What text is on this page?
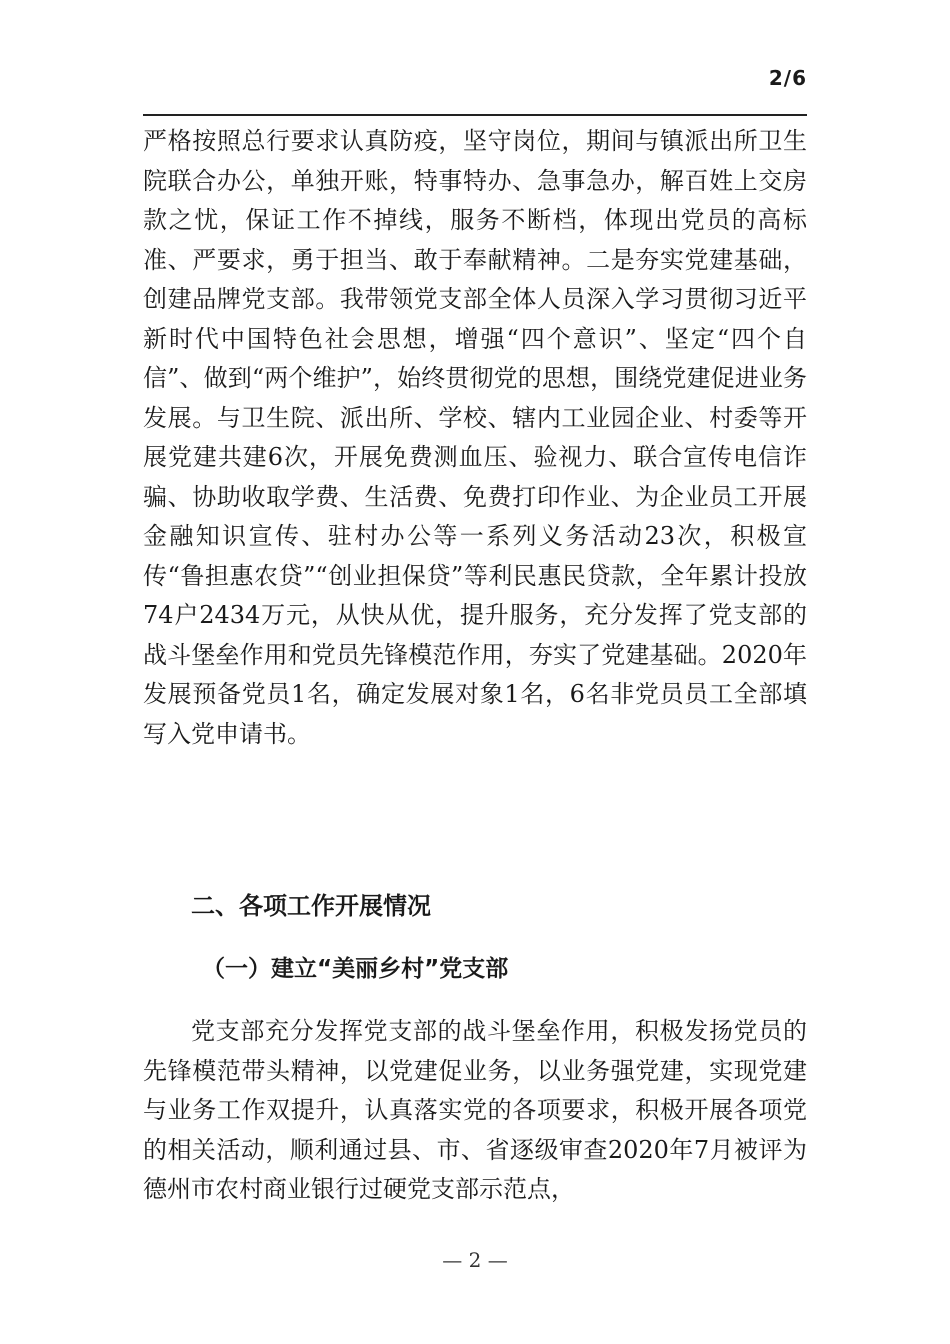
2/6

严格按照总行要求认真防疫，坚守岗位，期间与镇派出所卫生院联合办公，单独开账，特事特办、急事急办，解百姓上交房款之忧，保证工作不掉线，服务不断档，体现出党员的高标准、严要求，勇于担当、敢于奉献精神。二是夯实党建基础，创建品牌党支部。我带领党支部全体人员深入学习贯彻习近平新时代中国特色社会思想，增强“四个意识”、坚定“四个自信”、做到“两个维护”，始终贯彻党的思想，围绕党建促进业务发展。与卫生院、派出所、学校、辖内工业园企业、村委等开展党建共建6次，开展免费测血压、验视力、联合宣传电信诈骗、协助收取学费、生活费、免费打印作业、为企业员工开展金融知识宣传、驻村办公等一系列义务活动23次，积极宣传“鲁担惠农贷”“创业担保贷”等利民惠民贷款，全年累计投放74户2434万元，从快从优，提升服务，充分发挥了党支部的战斗堡垒作用和党员先锋模范作用，夯实了党建基础。2020年发展预备党员1名，确定发展对象1名，6名非党员员工全部填写入党申请书。

二、各项工作开展情况
（一）建立“美丽乡村”党支部

党支部充分发挥党支部的战斗堡垒作用，积极发扬党员的先锋模范带头精神，以党建促业务，以业务强党建，实现党建与业务工作双提升，认真落实党的各项要求，积极开展各项党的相关活动，顺利通过县、市、省逐级审查2020年7月被评为德州市农村商业银行过硬党支部示范点，

— 2 —
